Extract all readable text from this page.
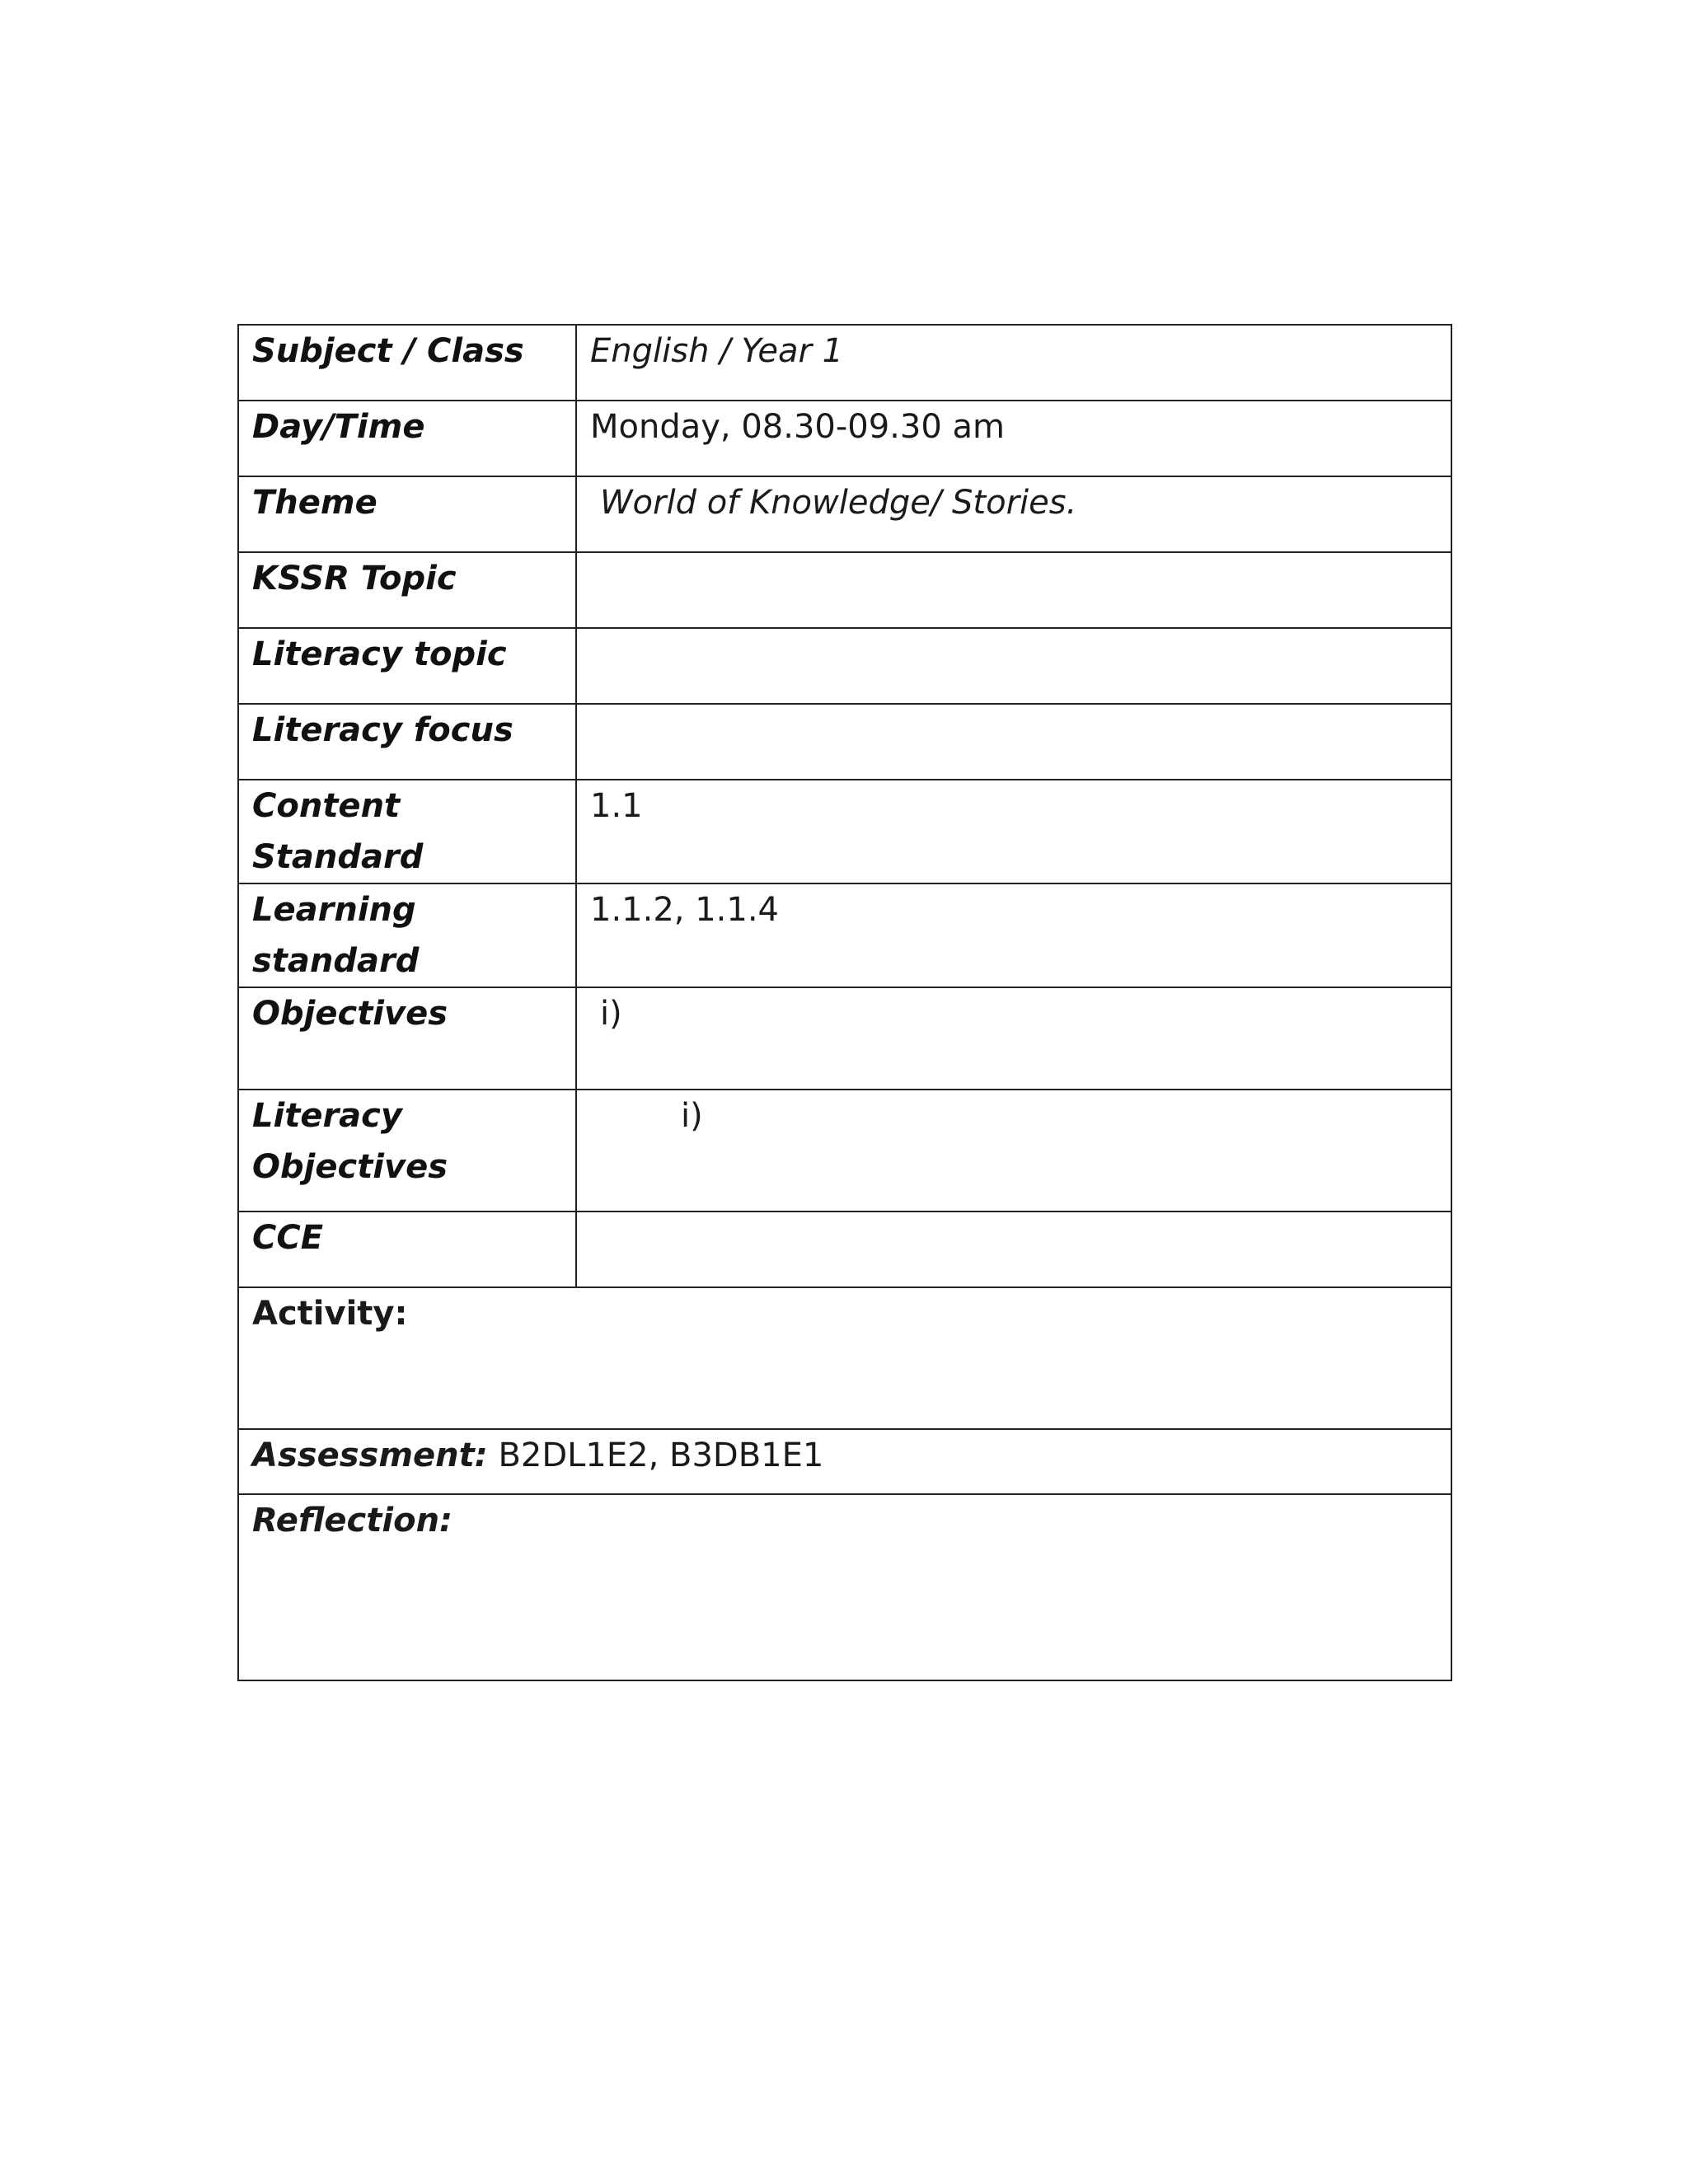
Subject / Class	English / Year 1
Day/Time	Monday, 08.30-09.30 am
Theme	World of Knowledge/ Stories.
KSSR Topic	
Literacy topic	
Literacy focus	
Content Standard	1.1
Learning standard	1.1.2, 1.1.4
Objectives	i)

Literacy
Objectives	i)
CCE	
Activity:	
Assessment: B2DL1E2, B3DB1E1	
Reflection:	
